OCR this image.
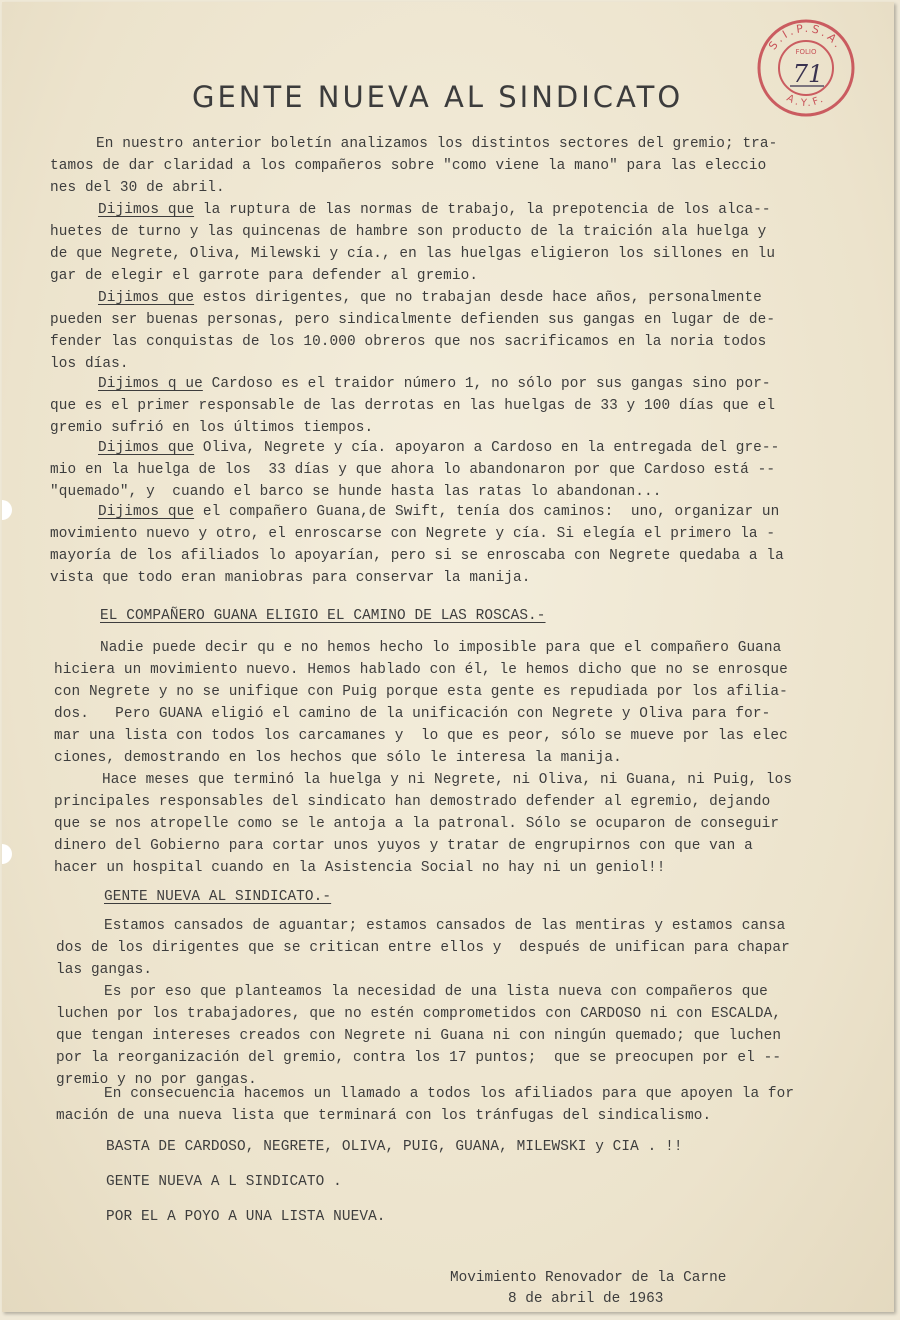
S.I.P.S.A.
A.Y.F.
FOLIO
71
GENTE NUEVA AL SINDICATO
En nuestro anterior boletín analizamos los distintos sectores del gremio; tra-
tamos de dar claridad a los compañeros sobre "como viene la mano" para las eleccio
nes del 30 de abril.
Dijimos que la ruptura de las normas de trabajo, la prepotencia de los alca--
huetes de turno y las quincenas de hambre son producto de la traición ala huelga y
de que Negrete, Oliva, Milewski y cía., en las huelgas eligieron los sillones en lu
gar de elegir el garrote para defender al gremio.
Dijimos que estos dirigentes, que no trabajan desde hace años, personalmente
pueden ser buenas personas, pero sindicalmente defienden sus gangas en lugar de de-
fender las conquistas de los 10.000 obreros que nos sacrificamos en la noria todos
los días.
Dijimos q ue Cardoso es el traidor número 1, no sólo por sus gangas sino por-
que es el primer responsable de las derrotas en las huelgas de 33 y 100 días que el
gremio sufrió en los últimos tiempos.
Dijimos que Oliva, Negrete y cía. apoyaron a Cardoso en la entregada del gre--
mio en la huelga de los  33 días y que ahora lo abandonaron por que Cardoso está --
"quemado", y  cuando el barco se hunde hasta las ratas lo abandonan...
Dijimos que el compañero Guana,de Swift, tenía dos caminos:  uno, organizar un
movimiento nuevo y otro, el enroscarse con Negrete y cía. Si elegía el primero la -
mayoría de los afiliados lo apoyarían, pero si se enroscaba con Negrete quedaba a la
vista que todo eran maniobras para conservar la manija.
EL COMPAÑERO GUANA ELIGIO EL CAMINO DE LAS ROSCAS.-
Nadie puede decir qu e no hemos hecho lo imposible para que el compañero Guana
hiciera un movimiento nuevo. Hemos hablado con él, le hemos dicho que no se enrosque
con Negrete y no se unifique con Puig porque esta gente es repudiada por los afilia-
dos.   Pero GUANA eligió el camino de la unificación con Negrete y Oliva para for-
mar una lista con todos los carcamanes y  lo que es peor, sólo se mueve por las elec
ciones, demostrando en los hechos que sólo le interesa la manija.
Hace meses que terminó la huelga y ni Negrete, ni Oliva, ni Guana, ni Puig, los
principales responsables del sindicato han demostrado defender al egremio, dejando
que se nos atropelle como se le antoja a la patronal. Sólo se ocuparon de conseguir
dinero del Gobierno para cortar unos yuyos y tratar de engrupirnos con que van a
hacer un hospital cuando en la Asistencia Social no hay ni un geniol!!
GENTE NUEVA AL SINDICATO.-
Estamos cansados de aguantar; estamos cansados de las mentiras y estamos cansa
dos de los dirigentes que se critican entre ellos y  después de unifican para chapar
las gangas.
Es por eso que planteamos la necesidad de una lista nueva con compañeros que
luchen por los trabajadores, que no estén comprometidos con CARDOSO ni con ESCALDA,
que tengan intereses creados con Negrete ni Guana ni con ningún quemado; que luchen
por la reorganización del gremio, contra los 17 puntos;  que se preocupen por el --
gremio y no por gangas.
En consecuencia hacemos un llamado a todos los afiliados para que apoyen la for
mación de una nueva lista que terminará con los tránfugas del sindicalismo.
BASTA DE CARDOSO, NEGRETE, OLIVA, PUIG, GUANA, MILEWSKI y CIA . !!
GENTE NUEVA A L SINDICATO .
POR EL A POYO A UNA LISTA NUEVA.
Movimiento Renovador de la Carne
8 de abril de 1963
